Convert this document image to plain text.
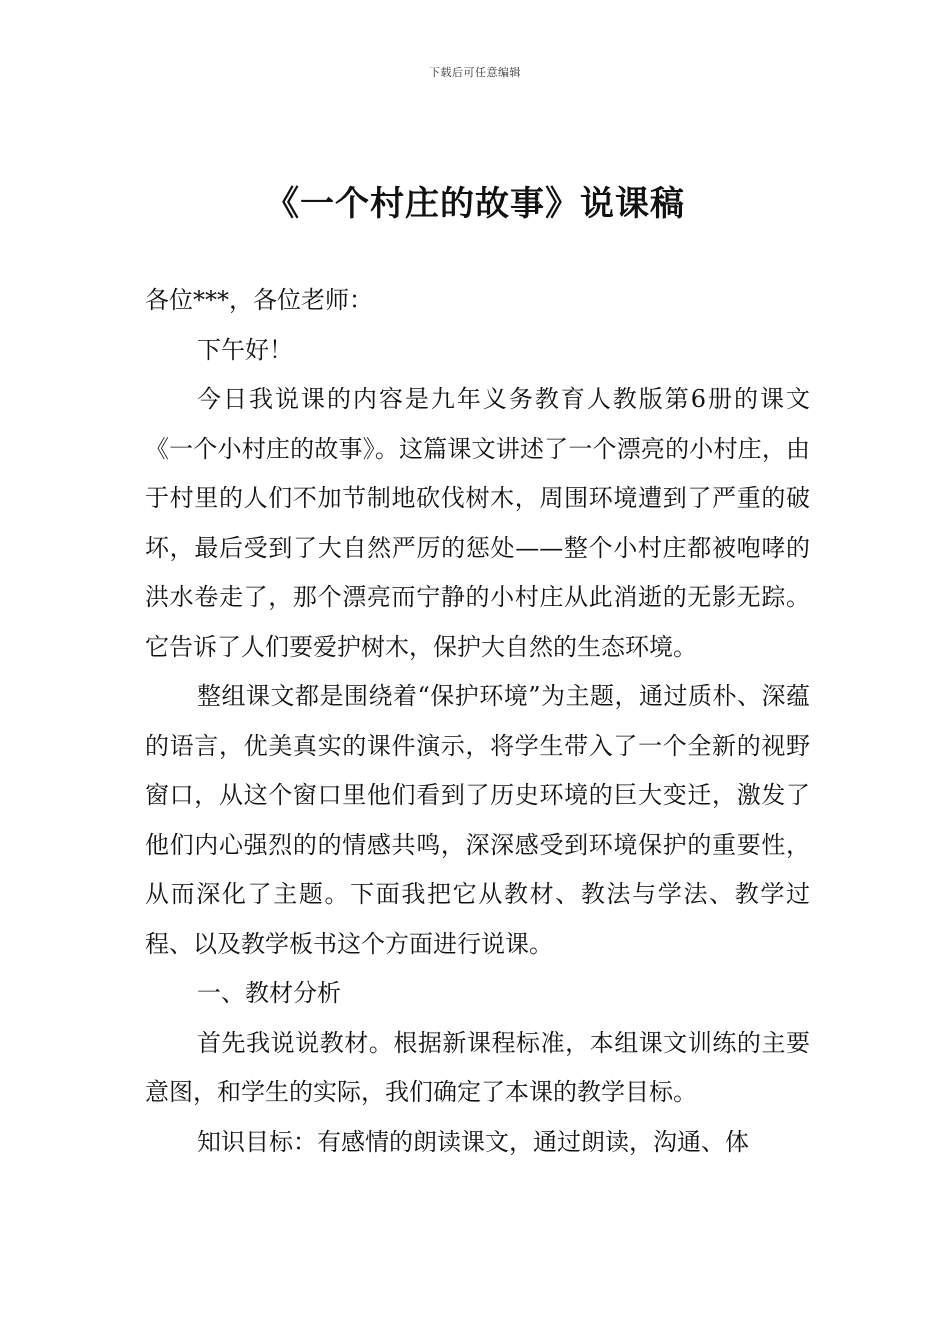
下载后可任意编辑
《一个村庄的故事》说课稿

各位***，各位老师：

下午好！

今日我说课的内容是九年义务教育人教版第6册的课文《一个小村庄的故事》。这篇课文讲述了一个漂亮的小村庄，由于村里的人们不加节制地砍伐树木，周围环境遭到了严重的破坏，最后受到了大自然严厉的惩处——整个小村庄都被咆哮的洪水卷走了，那个漂亮而宁静的小村庄从此消逝的无影无踪。它告诉了人们要爱护树木，保护大自然的生态环境。

整组课文都是围绕着“保护环境”为主题，通过质朴、深蕴的语言，优美真实的课件演示，将学生带入了一个全新的视野窗口，从这个窗口里他们看到了历史环境的巨大变迁，激发了他们内心强烈的的情感共鸣，深深感受到环境保护的重要性，从而深化了主题。下面我把它从教材、教法与学法、教学过程、以及教学板书这个方面进行说课。

一、教材分析

首先我说说教材。根据新课程标准，本组课文训练的主要意图，和学生的实际，我们确定了本课的教学目标。

知识目标：有感情的朗读课文，通过朗读，沟通、体
